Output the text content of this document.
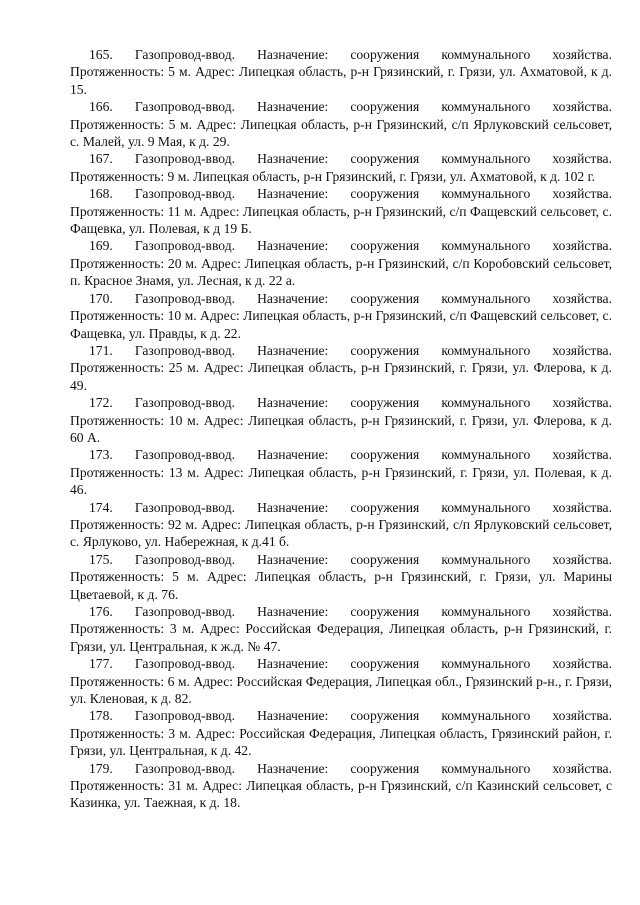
165. Газопровод-ввод. Назначение: сооружения коммунального хозяйства. Протяженность: 5 м. Адрес: Липецкая область, р-н Грязинский, г. Грязи, ул. Ахматовой, к д. 15.

166. Газопровод-ввод. Назначение: сооружения коммунального хозяйства. Протяженность: 5 м. Адрес: Липецкая область, р-н Грязинский, с/п Ярлуковский сельсовет, с. Малей, ул. 9 Мая, к д. 29.

167. Газопровод-ввод. Назначение: сооружения коммунального хозяйства. Протяженность: 9 м. Липецкая область, р-н Грязинский, г. Грязи, ул. Ахматовой, к д. 102 г.

168. Газопровод-ввод. Назначение: сооружения коммунального хозяйства. Протяженность: 11 м. Адрес: Липецкая область, р-н Грязинский, с/п Фащевский сельсовет, с. Фащевка, ул. Полевая, к д 19 Б.

169. Газопровод-ввод. Назначение: сооружения коммунального хозяйства. Протяженность: 20 м. Адрес: Липецкая область, р-н Грязинский, с/п Коробовский сельсовет, п. Красное Знамя, ул. Лесная, к д. 22 а.

170. Газопровод-ввод. Назначение: сооружения коммунального хозяйства. Протяженность: 10 м. Адрес: Липецкая область, р-н Грязинский, с/п Фащевский сельсовет, с. Фащевка, ул. Правды, к д. 22.

171. Газопровод-ввод. Назначение: сооружения коммунального хозяйства. Протяженность: 25 м. Адрес: Липецкая область, р-н Грязинский, г. Грязи, ул. Флерова, к д. 49.

172. Газопровод-ввод. Назначение: сооружения коммунального хозяйства. Протяженность: 10 м. Адрес: Липецкая область, р-н Грязинский, г. Грязи, ул. Флерова, к д. 60 А.

173. Газопровод-ввод. Назначение: сооружения коммунального хозяйства. Протяженность: 13 м. Адрес: Липецкая область, р-н Грязинский, г. Грязи, ул. Полевая, к д. 46.

174. Газопровод-ввод. Назначение: сооружения коммунального хозяйства. Протяженность: 92 м. Адрес: Липецкая область, р-н Грязинский, с/п Ярлуковский сельсовет, с. Ярлуково, ул. Набережная, к д.41 б.

175. Газопровод-ввод. Назначение: сооружения коммунального хозяйства. Протяженность: 5 м. Адрес: Липецкая область, р-н Грязинский, г. Грязи, ул. Марины Цветаевой, к д. 76.

176. Газопровод-ввод. Назначение: сооружения коммунального хозяйства. Протяженность: 3 м. Адрес: Российская Федерация, Липецкая область, р-н Грязинский, г. Грязи, ул. Центральная, к ж.д. № 47.

177. Газопровод-ввод. Назначение: сооружения коммунального хозяйства. Протяженность: 6 м. Адрес: Российская Федерация, Липецкая обл., Грязинский р-н., г. Грязи, ул. Кленовая, к д. 82.

178. Газопровод-ввод. Назначение: сооружения коммунального хозяйства. Протяженность: 3 м. Адрес: Российская Федерация, Липецкая область, Грязинский район, г. Грязи, ул. Центральная, к д. 42.

179. Газопровод-ввод. Назначение: сооружения коммунального хозяйства. Протяженность: 31 м. Адрес: Липецкая область, р-н Грязинский, с/п Казинский сельсовет, с Казинка, ул. Таежная, к д. 18.
